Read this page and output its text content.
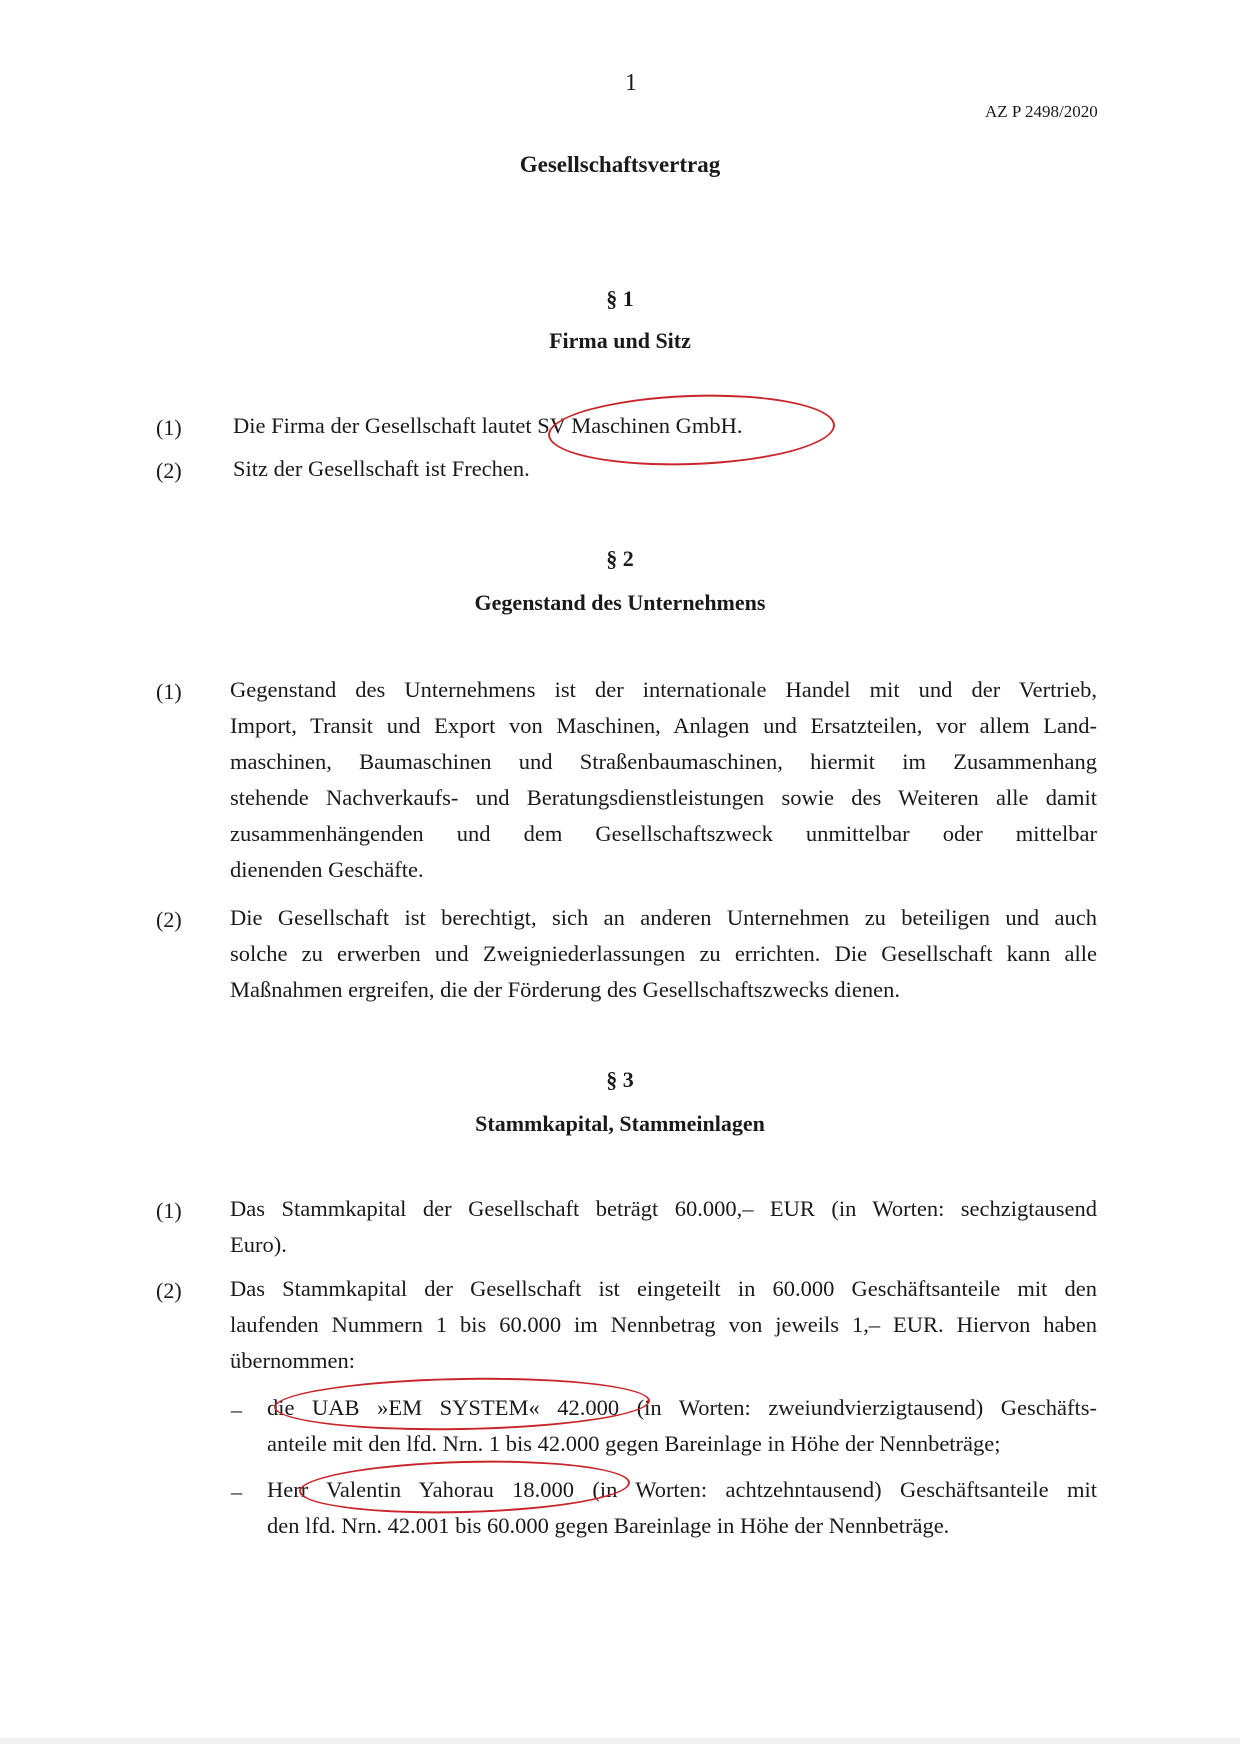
1
AZ P 2498/2020
Gesellschaftsvertrag
§ 1
Firma und Sitz
(1) Die Firma der Gesellschaft lautet SV Maschinen GmbH.
(2) Sitz der Gesellschaft ist Frechen.
§ 2
Gegenstand des Unternehmens
(1) Gegenstand des Unternehmens ist der internationale Handel mit und der Vertrieb,
Import, Transit und Export von Maschinen, Anlagen und Ersatzteilen, vor allem Land-
maschinen, Baumaschinen und Straßenbaumaschinen, hiermit im Zusammenhang
stehende Nachverkaufs- und Beratungsdienstleistungen sowie des Weiteren alle damit
zusammenhängenden und dem Gesellschaftszweck unmittelbar oder mittelbar
dienenden Geschäfte.
(2) Die Gesellschaft ist berechtigt, sich an anderen Unternehmen zu beteiligen und auch
solche zu erwerben und Zweigniederlassungen zu errichten. Die Gesellschaft kann alle
Maßnahmen ergreifen, die der Förderung des Gesellschaftszwecks dienen.
§ 3
Stammkapital, Stammeinlagen
(1) Das Stammkapital der Gesellschaft beträgt 60.000,– EUR (in Worten: sechzigtausend
Euro).
(2) Das Stammkapital der Gesellschaft ist eingeteilt in 60.000 Geschäftsanteile mit den
laufenden Nummern 1 bis 60.000 im Nennbetrag von jeweils 1,– EUR. Hiervon haben
übernommen:
– die UAB »EM SYSTEM« 42.000 (in Worten: zweiundvierzigtausend) Geschäfts-
anteile mit den lfd. Nrn. 1 bis 42.000 gegen Bareinlage in Höhe der Nennbeträge;
– Herr Valentin Yahorau 18.000 (in Worten: achtzehntausend) Geschäftsanteile mit
den lfd. Nrn. 42.001 bis 60.000 gegen Bareinlage in Höhe der Nennbeträge.
